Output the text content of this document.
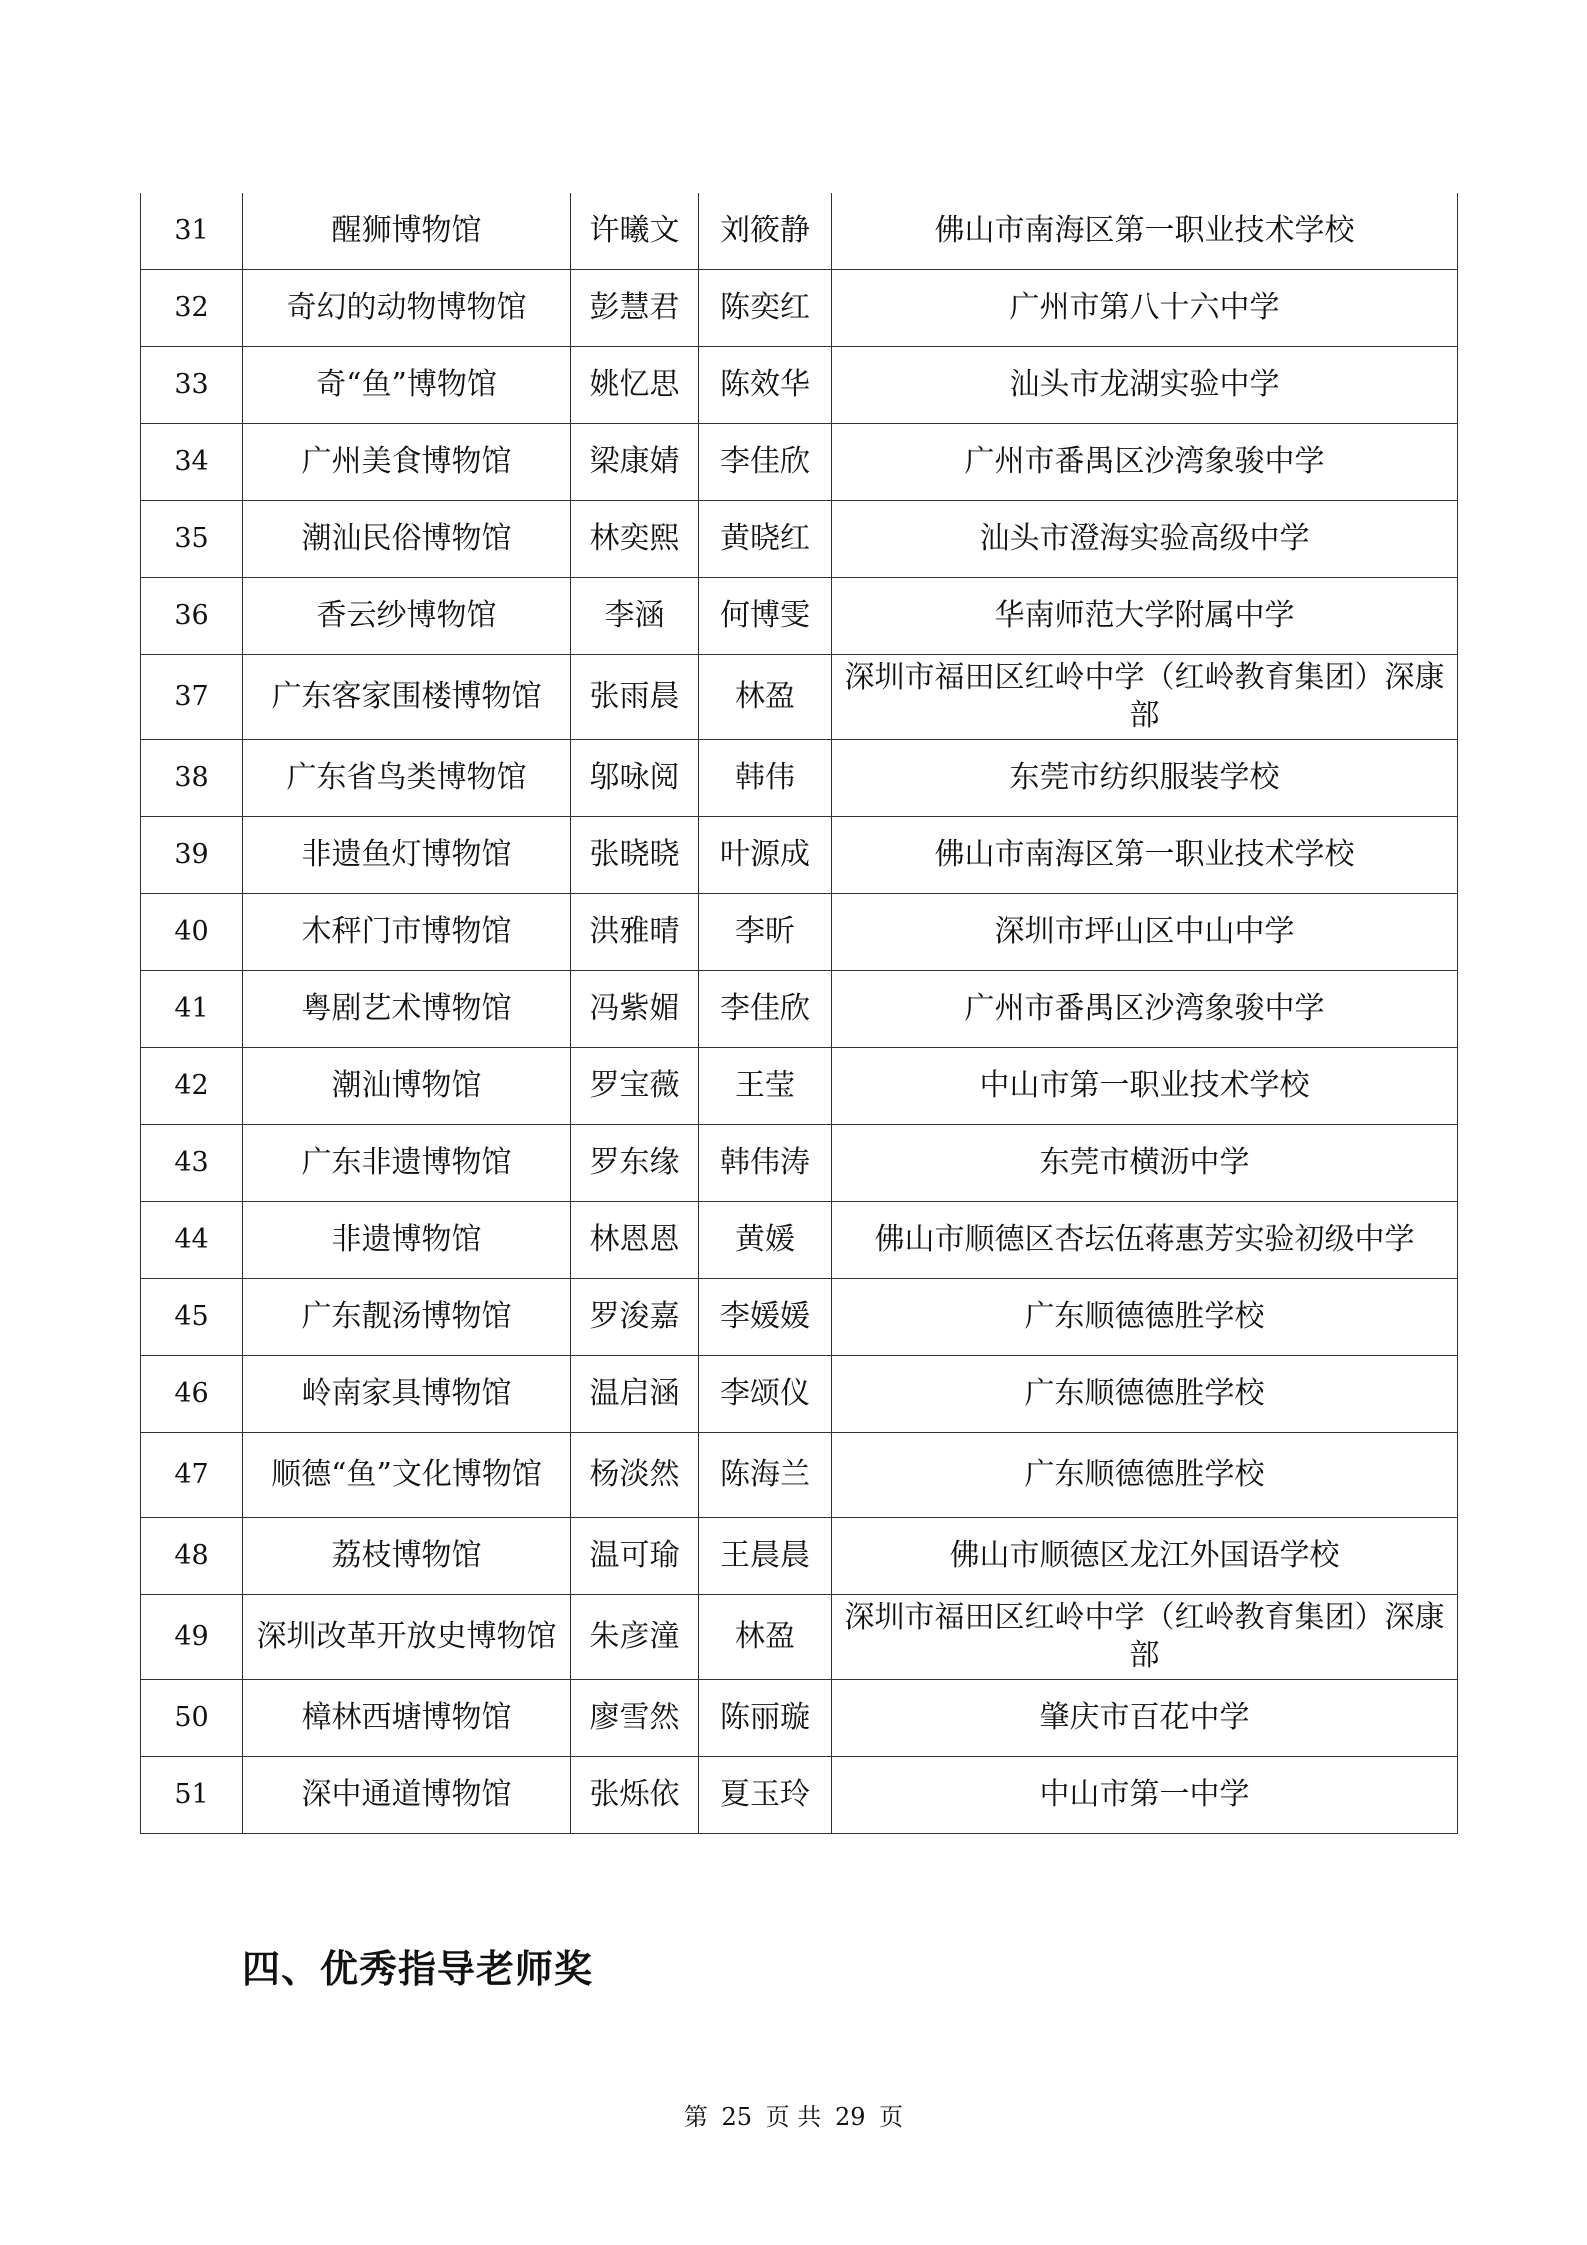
31	醒狮博物馆	许曦文	刘筱静	佛山市南海区第一职业技术学校
32	奇幻的动物博物馆	彭慧君	陈奕红	广州市第八十六中学
33	奇“鱼”博物馆	姚忆思	陈效华	汕头市龙湖实验中学
34	广州美食博物馆	梁康婧	李佳欣	广州市番禺区沙湾象骏中学
35	潮汕民俗博物馆	林奕熙	黄晓红	汕头市澄海实验高级中学
36	香云纱博物馆	李涵	何博雯	华南师范大学附属中学
37	广东客家围楼博物馆	张雨晨	林盈	深圳市福田区红岭中学（红岭教育集团）深康部
38	广东省鸟类博物馆	邬咏阅	韩伟	东莞市纺织服装学校
39	非遗鱼灯博物馆	张晓晓	叶源成	佛山市南海区第一职业技术学校
40	木秤门市博物馆	洪雅晴	李昕	深圳市坪山区中山中学
41	粤剧艺术博物馆	冯紫媚	李佳欣	广州市番禺区沙湾象骏中学
42	潮汕博物馆	罗宝薇	王莹	中山市第一职业技术学校
43	广东非遗博物馆	罗东缘	韩伟涛	东莞市横沥中学
44	非遗博物馆	林恩恩	黄媛	佛山市顺德区杏坛伍蒋惠芳实验初级中学
45	广东靓汤博物馆	罗浚嘉	李媛媛	广东顺德德胜学校
46	岭南家具博物馆	温启涵	李颂仪	广东顺德德胜学校
47	顺德“鱼”文化博物馆	杨淡然	陈海兰	广东顺德德胜学校
48	荔枝博物馆	温可瑜	王晨晨	佛山市顺德区龙江外国语学校
49	深圳改革开放史博物馆	朱彦潼	林盈	深圳市福田区红岭中学（红岭教育集团）深康部
50	樟林西塘博物馆	廖雪然	陈丽璇	肇庆市百花中学
51	深中通道博物馆	张烁依	夏玉玲	中山市第一中学
四、优秀指导老师奖
第 25 页 共 29 页
